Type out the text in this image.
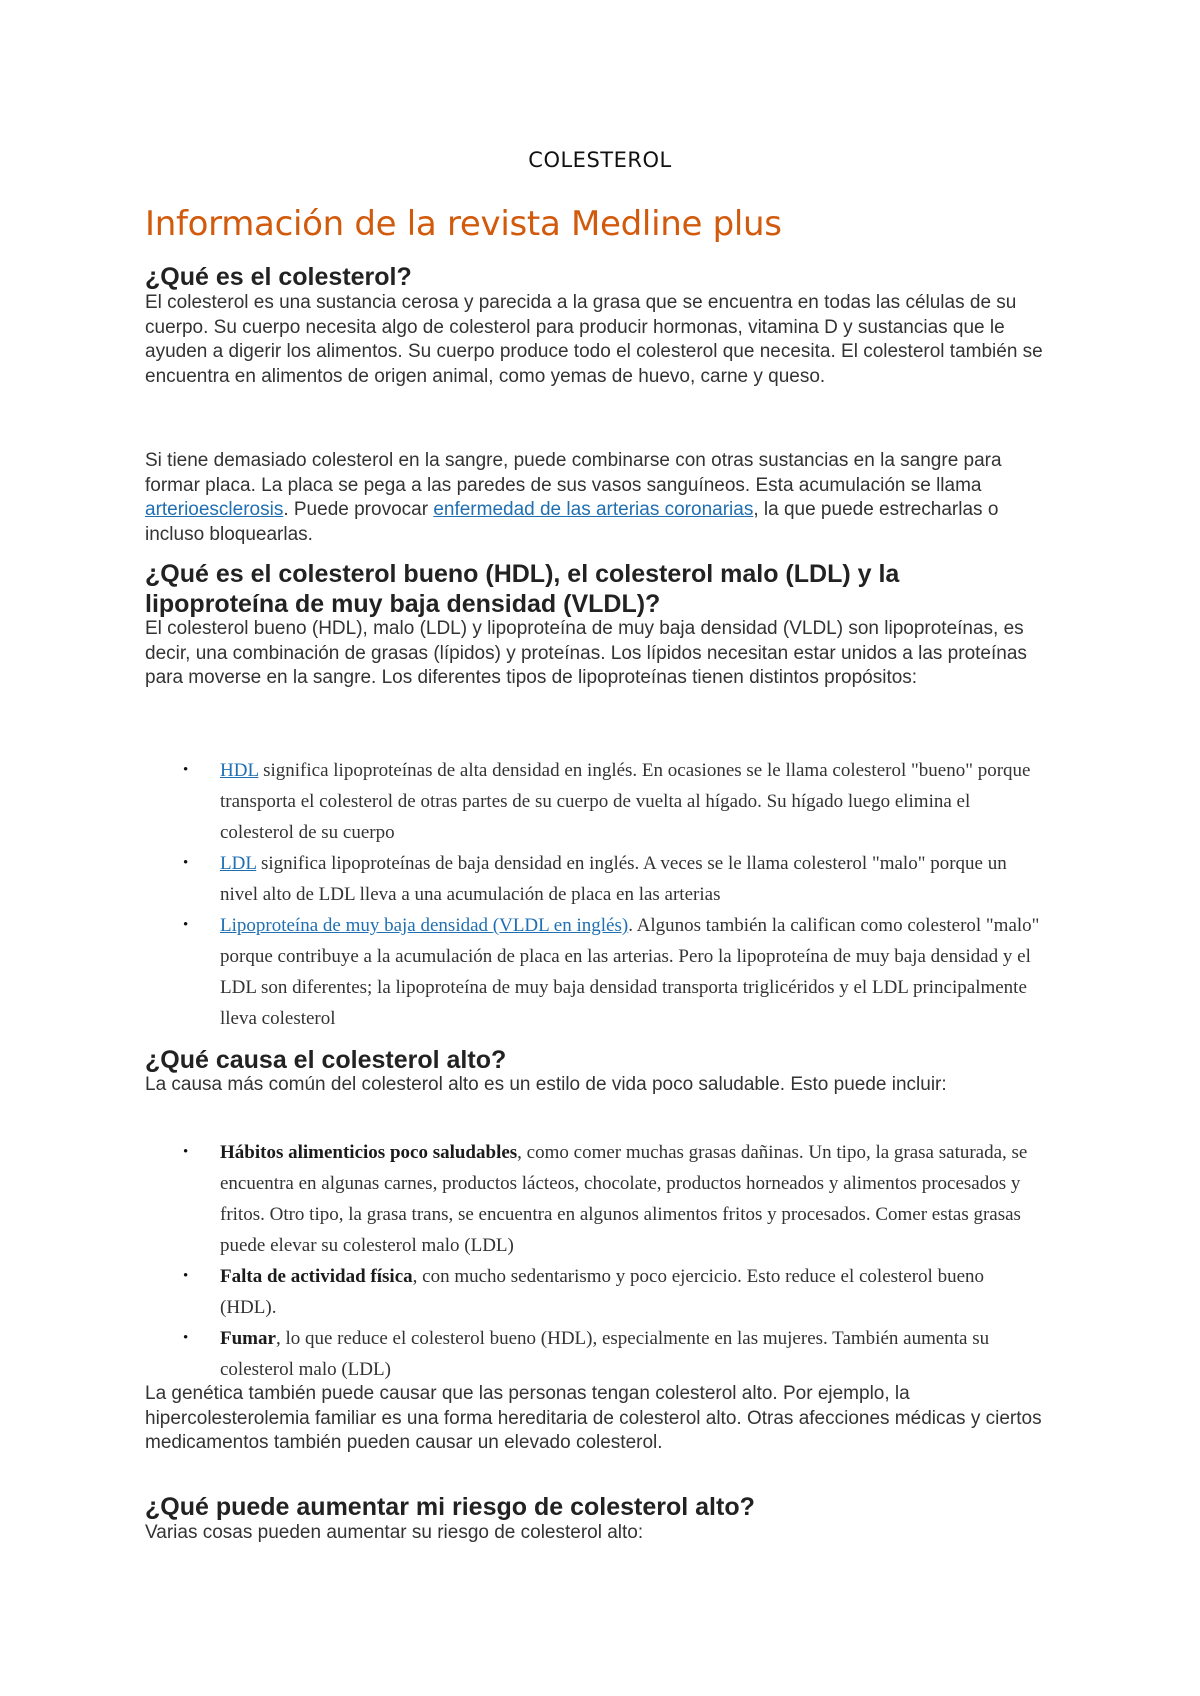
COLESTEROL
Información de la revista Medline plus
¿Qué es el colesterol?

El colesterol es una sustancia cerosa y parecida a la grasa que se encuentra en todas las células de su cuerpo. Su cuerpo necesita algo de colesterol para producir hormonas, vitamina D y sustancias que le ayuden a digerir los alimentos. Su cuerpo produce todo el colesterol que necesita. El colesterol también se encuentra en alimentos de origen animal, como yemas de huevo, carne y queso.

Si tiene demasiado colesterol en la sangre, puede combinarse con otras sustancias en la sangre para formar placa. La placa se pega a las paredes de sus vasos sanguíneos. Esta acumulación se llama arterioesclerosis. Puede provocar enfermedad de las arterias coronarias, la que puede estrecharlas o incluso bloquearlas.

¿Qué es el colesterol bueno (HDL), el colesterol malo (LDL) y la lipoproteína de muy baja densidad (VLDL)?

El colesterol bueno (HDL), malo (LDL) y lipoproteína de muy baja densidad (VLDL) son lipoproteínas, es decir, una combinación de grasas (lípidos) y proteínas. Los lípidos necesitan estar unidos a las proteínas para moverse en la sangre. Los diferentes tipos de lipoproteínas tienen distintos propósitos:

• HDL significa lipoproteínas de alta densidad en inglés. En ocasiones se le llama colesterol "bueno" porque transporta el colesterol de otras partes de su cuerpo de vuelta al hígado. Su hígado luego elimina el colesterol de su cuerpo
• LDL significa lipoproteínas de baja densidad en inglés. A veces se le llama colesterol "malo" porque un nivel alto de LDL lleva a una acumulación de placa en las arterias
• Lipoproteína de muy baja densidad (VLDL en inglés). Algunos también la califican como colesterol "malo" porque contribuye a la acumulación de placa en las arterias. Pero la lipoproteína de muy baja densidad y el LDL son diferentes; la lipoproteína de muy baja densidad transporta triglicéridos y el LDL principalmente lleva colesterol
¿Qué causa el colesterol alto?

La causa más común del colesterol alto es un estilo de vida poco saludable. Esto puede incluir:

• Hábitos alimenticios poco saludables, como comer muchas grasas dañinas. Un tipo, la grasa saturada, se encuentra en algunas carnes, productos lácteos, chocolate, productos horneados y alimentos procesados y fritos. Otro tipo, la grasa trans, se encuentra en algunos alimentos fritos y procesados. Comer estas grasas puede elevar su colesterol malo (LDL)
• Falta de actividad física, con mucho sedentarismo y poco ejercicio. Esto reduce el colesterol bueno (HDL).
• Fumar, lo que reduce el colesterol bueno (HDL), especialmente en las mujeres. También aumenta su colesterol malo (LDL)

La genética también puede causar que las personas tengan colesterol alto. Por ejemplo, la hipercolesterolemia familiar es una forma hereditaria de colesterol alto. Otras afecciones médicas y ciertos medicamentos también pueden causar un elevado colesterol.

¿Qué puede aumentar mi riesgo de colesterol alto?

Varias cosas pueden aumentar su riesgo de colesterol alto:
